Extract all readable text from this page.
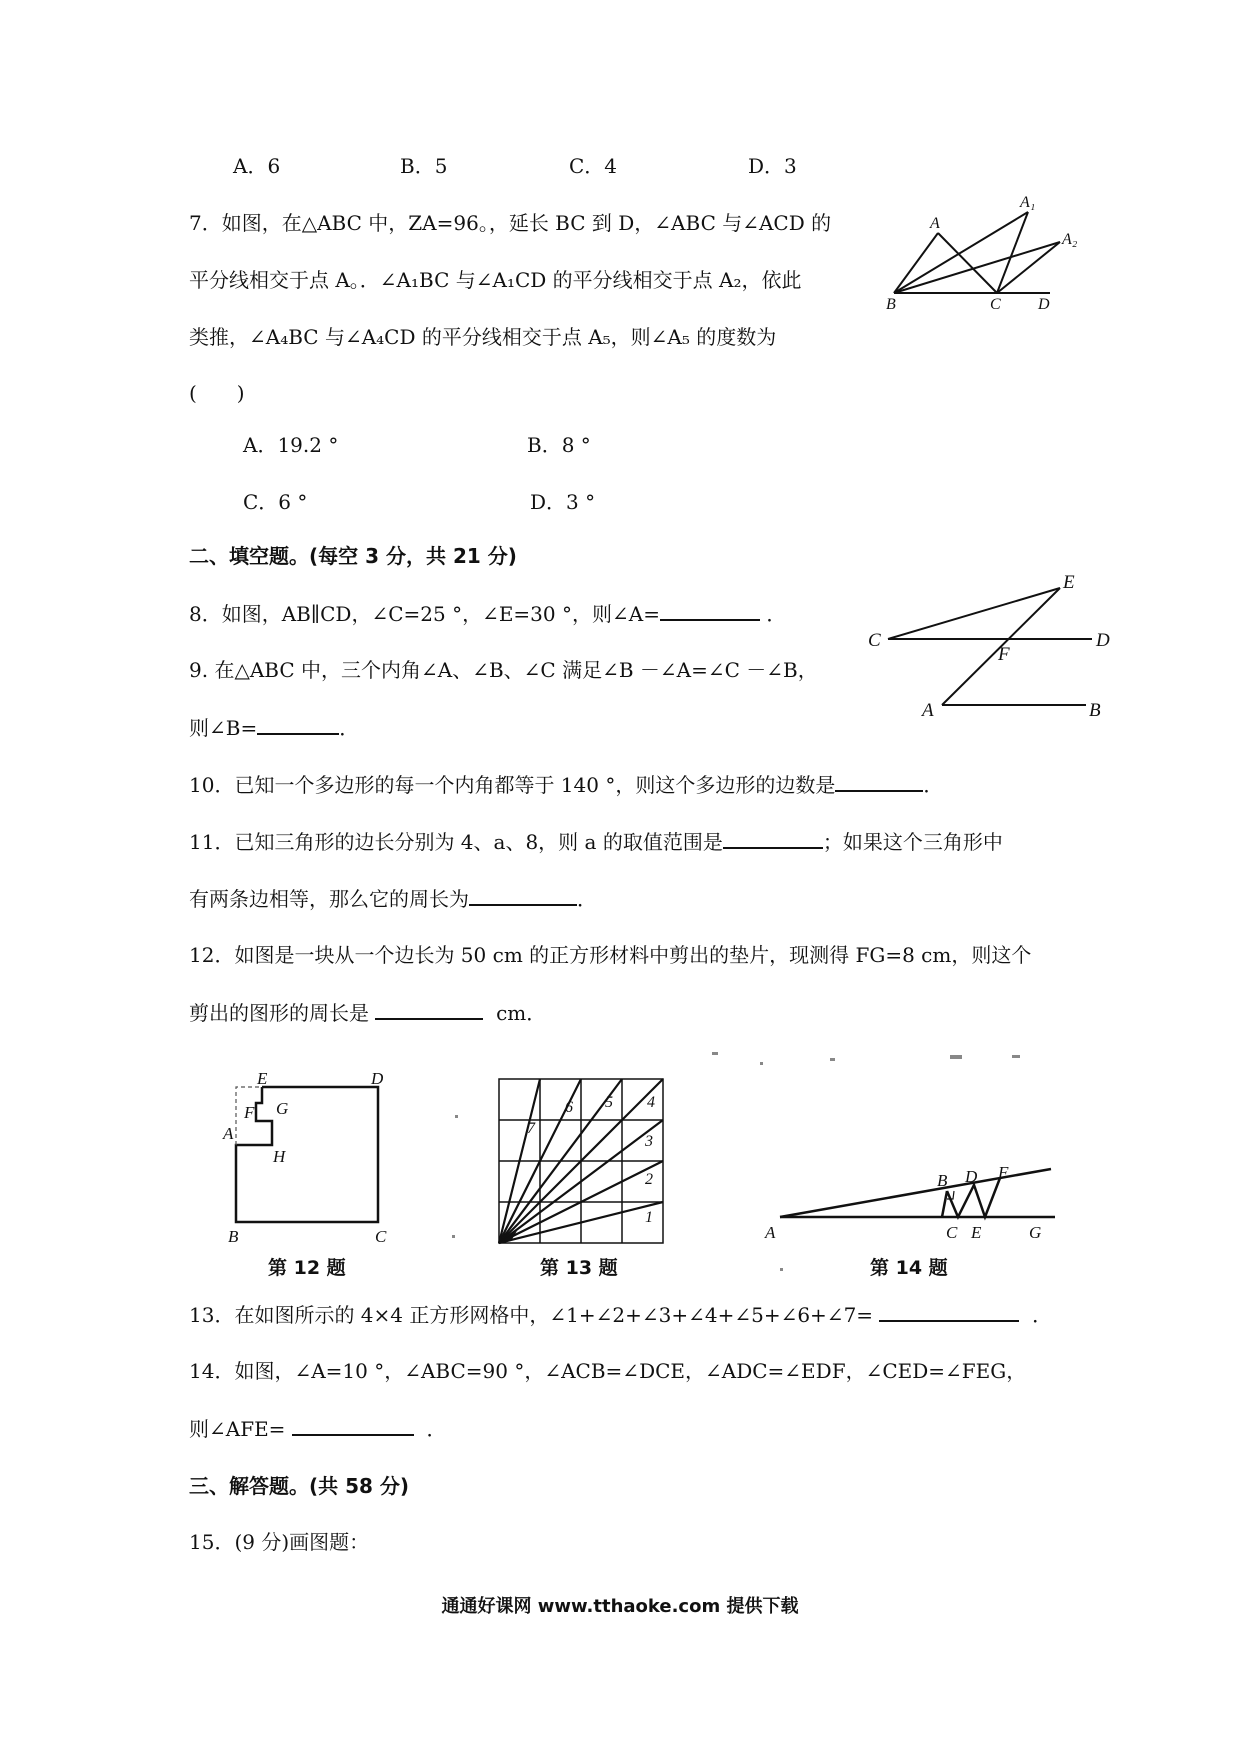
A．6	B．5	C．4	D．3
7．如图，在△ABC 中，ZA=96。，延长 BC 到 D，∠ABC 与∠ACD 的
平分线相交于点 A。．∠A₁BC 与∠A₁CD 的平分线相交于点 A₂，依此
类推，∠A₄BC 与∠A₄CD 的平分线相交于点 A₅，则∠A₅ 的度数为
(　　)
A．19.2 °	B．8 °
C．6 °	D．3 °
A
A₁
A₂
B	C D
二、填空题。(每空 3 分，共 21 分)
8．如图，AB∥CD，∠C=25 °，∠E=30 °，则∠A=	．
C	D
E
F
A	B
9. 在△ABC 中，三个内角∠A、∠B、∠C 满足∠B －∠A=∠C －∠B，
则∠B=	．
10．已知一个多边形的每一个内角都等于 140 °，则这个多边形的边数是	．
11．已知三角形的边长分别为 4、a、8，则 a 的取值范围是	；如果这个三角形中
有两条边相等，那么它的周长为	．
12．如图是一块从一个边长为 50 cm 的正方形材料中剪出的垫片，现测得 FG=8 cm，则这个
剪出的图形的周长是	cm．
E	D
F G
A
H
B	C
1
2
3
4
5
6
7
A
B D F
C E	G
第 12 题	第 13 题	第 14 题
13．在如图所示的 4×4 正方形网格中，∠1+∠2+∠3+∠4+∠5+∠6+∠7=	．
14．如图，∠A=10 °，∠ABC=90 °，∠ACB=∠DCE，∠ADC=∠EDF，∠CED=∠FEG，
则∠AFE=	．
三、解答题。(共 58 分)
15．(9 分)画图题：
通通好课网 www.tthaoke.com 提供下载
